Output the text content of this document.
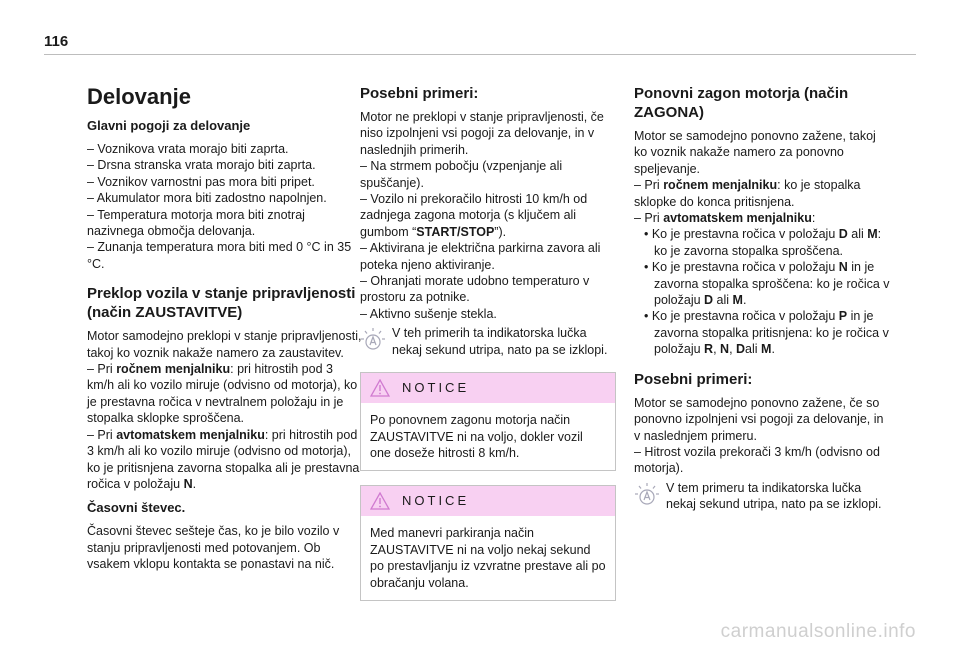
116
Delovanje
Glavni pogoji za delovanje
– Voznikova vrata morajo biti zaprta.
– Drsna stranska vrata morajo biti zaprta.
– Voznikov varnostni pas mora biti pripet.
– Akumulator mora biti zadostno napolnjen.
– Temperatura motorja mora biti znotraj nazivnega območja delovanja.
– Zunanja temperatura mora biti med 0 °C in 35 °C.
Preklop vozila v stanje pripravljenosti (način ZAUSTAVITVE)

Motor samodejno preklopi v stanje pripravljenosti, takoj ko voznik nakaže namero za zaustavitev.

– Pri ročnem menjalniku: pri hitrostih pod 3 km/h ali ko vozilo miruje (odvisno od motorja), ko je prestavna ročica v nevtralnem položaju in je stopalka sklopke sproščena.

– Pri avtomatskem menjalniku: pri hitrostih pod 3 km/h ali ko vozilo miruje (odvisno od motorja), ko je pritisnjena zavorna stopalka ali je prestavna ročica v položaju N.

Časovni števec.

Časovni števec sešteje čas, ko je bilo vozilo v stanju pripravljenosti med potovanjem. Ob vsakem vklopu kontakta se ponastavi na nič.

Posebni primeri:
Motor ne preklopi v stanje pripravljenosti, če niso izpolnjeni vsi pogoji za delovanje, in v naslednjih primerih.
– Na strmem pobočju (vzpenjanje ali spuščanje).
– Vozilo ni prekoračilo hitrosti 10 km/h od zadnjega zagona motorja (s ključem ali gumbom “START/STOP”).
– Aktivirana je električna parkirna zavora ali poteka njeno aktiviranje.
– Ohranjati morate udobno temperaturo v prostoru za potnike.
– Aktivno sušenje stekla.
V teh primerih ta indikatorska lučka nekaj sekund utripa, nato pa se izklopi.
NOTICE
Po ponovnem zagonu motorja način ZAUSTAVITVE ni na voljo, dokler vozil one doseže hitrosti 8 km/h.
NOTICE
Med manevri parkiranja način ZAUSTAVITVE ni na voljo nekaj sekund po prestavljanju iz vzvratne prestave ali po obračanju volana.
Ponovni zagon motorja (način ZAGONA)
Motor se samodejno ponovno zažene, takoj ko voznik nakaže namero za ponovno speljevanje.
– Pri ročnem menjalniku: ko je stopalka sklopke do konca pritisnjena.
– Pri avtomatskem menjalniku:
• Ko je prestavna ročica v položaju D ali M: ko je zavorna stopalka sproščena.
• Ko je prestavna ročica v položaju N in je zavorna stopalka sproščena: ko je ročica v položaju D ali M.
• Ko je prestavna ročica v položaju P in je zavorna stopalka pritisnjena: ko je ročica v položaju R, N, Dali M.
Posebni primeri:
Motor se samodejno ponovno zažene, če so ponovno izpolnjeni vsi pogoji za delovanje, in v naslednjem primeru.
– Hitrost vozila prekorači 3 km/h (odvisno od motorja).
V tem primeru ta indikatorska lučka nekaj sekund utripa, nato pa se izklopi.
carmanualsonline.info
